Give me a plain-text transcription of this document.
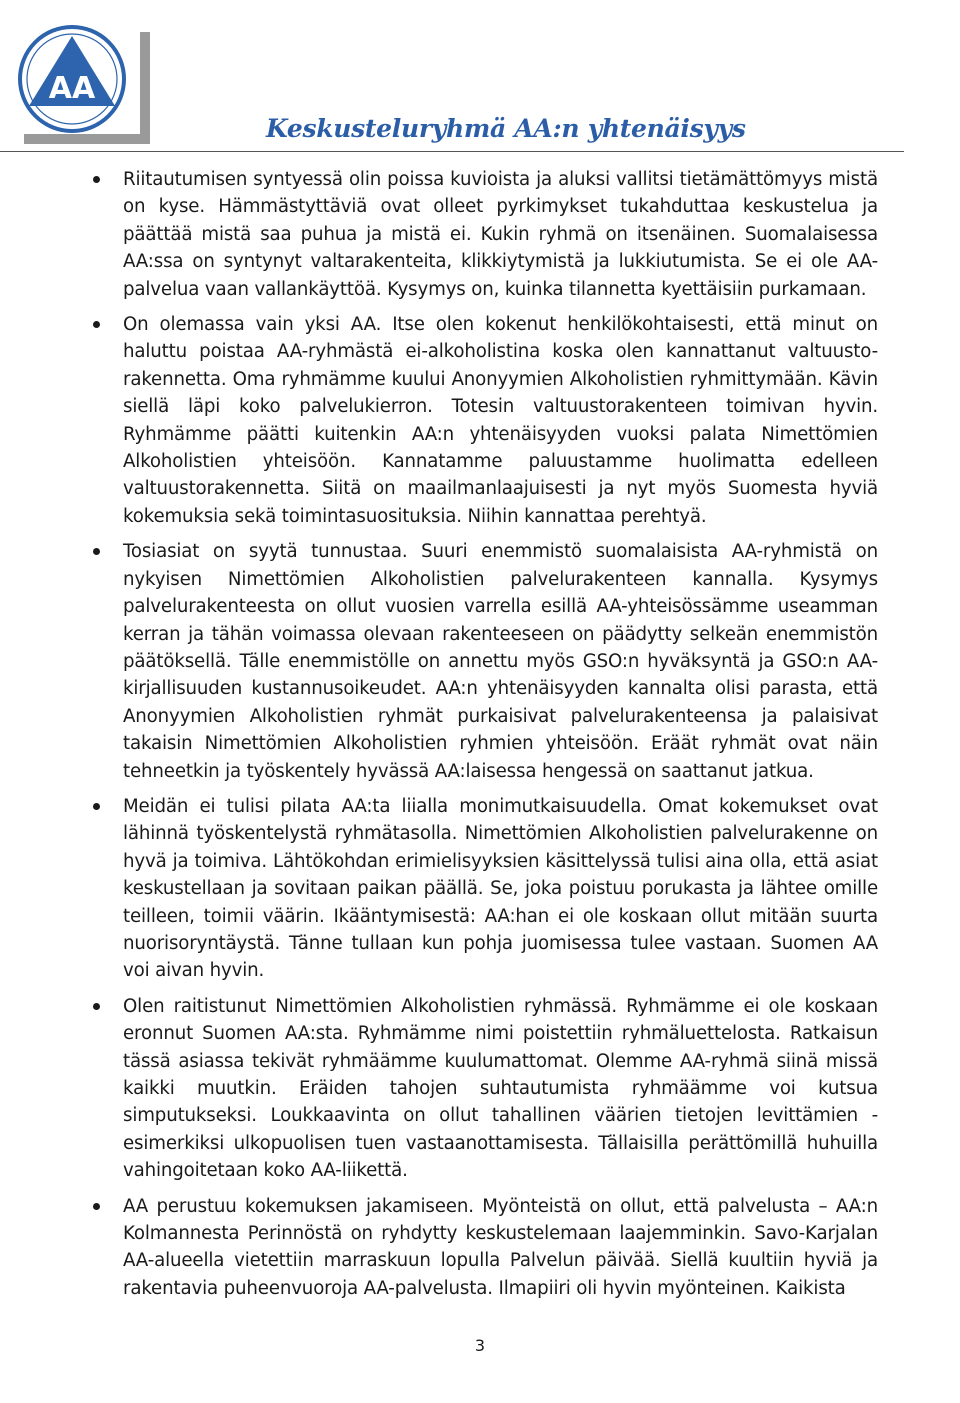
AA
Keskusteluryhmä AA:n yhtenäisyys
Riitautumisen syntyessä olin poissa kuvioista ja aluksi vallitsi tietämättömyys mistä on kyse. Hämmästyttäviä ovat olleet pyrkimykset tukahduttaa keskustelua ja päättää mistä saa puhua ja mistä ei. Kukin ryhmä on itsenäinen. Suomalaisessa AA:ssa on syntynyt valtarakenteita, klikkiytymistä ja lukkiutumista. Se ei ole AA-palvelua vaan vallankäyttöä. Kysymys on, kuinka tilannetta kyettäisiin purkamaan.
On olemassa vain yksi AA. Itse olen kokenut henkilökohtaisesti, että minut on haluttu poistaa AA-ryhmästä ei-alkoholistina koska olen kannattanut valtuusto-rakennetta. Oma ryhmämme kuului Anonyymien Alkoholistien ryhmittymään. Kävin siellä läpi koko palvelukierron. Totesin valtuustorakenteen toimivan hyvin. Ryhmämme päätti kuitenkin AA:n yhtenäisyyden vuoksi palata Nimettömien Alkoholistien yhteisöön. Kannatamme paluustamme huolimatta edelleen valtuustorakennetta. Siitä on maailmanlaajuisesti ja nyt myös Suomesta hyviä kokemuksia sekä toimintasuosituksia. Niihin kannattaa perehtyä.
Tosiasiat on syytä tunnustaa. Suuri enemmistö suomalaisista AA-ryhmistä on nykyisen Nimettömien Alkoholistien palvelurakenteen kannalla. Kysymys palvelurakenteesta on ollut vuosien varrella esillä AA-yhteisössämme useamman kerran ja tähän voimassa olevaan rakenteeseen on päädytty selkeän enemmistön päätöksellä. Tälle enemmistölle on annettu myös GSO:n hyväksyntä ja GSO:n AA-kirjallisuuden kustannusoikeudet. AA:n yhtenäisyyden kannalta olisi parasta, että Anonyymien Alkoholistien ryhmät purkaisivat palvelurakenteensa ja palaisivat takaisin Nimettömien Alkoholistien ryhmien yhteisöön. Eräät ryhmät ovat näin tehneetkin ja työskentely hyvässä AA:laisessa hengessä on saattanut jatkua.
Meidän ei tulisi pilata AA:ta liialla monimutkaisuudella. Omat kokemukset ovat lähinnä työskentelystä ryhmätasolla. Nimettömien Alkoholistien palvelurakenne on hyvä ja toimiva. Lähtökohdan erimielisyyksien käsittelyssä tulisi aina olla, että asiat keskustellaan ja sovitaan paikan päällä. Se, joka poistuu porukasta ja lähtee omille teilleen, toimii väärin. Ikääntymisestä: AA:han ei ole koskaan ollut mitään suurta nuorisoryntäystä. Tänne tullaan kun pohja juomisessa tulee vastaan. Suomen AA voi aivan hyvin.
Olen raitistunut Nimettömien Alkoholistien ryhmässä. Ryhmämme ei ole koskaan eronnut Suomen AA:sta. Ryhmämme nimi poistettiin ryhmäluettelosta. Ratkaisun tässä asiassa tekivät ryhmäämme kuulumattomat. Olemme AA-ryhmä siinä missä kaikki muutkin. Eräiden tahojen suhtautumista ryhmäämme voi kutsua simputukseksi. Loukkaavinta on ollut tahallinen väärien tietojen levittämien -esimerkiksi ulkopuolisen tuen vastaanottamisesta. Tällaisilla perättömillä huhuilla vahingoitetaan koko AA-liikettä.
AA perustuu kokemuksen jakamiseen. Myönteistä on ollut, että palvelusta – AA:n Kolmannesta Perinnöstä on ryhdytty keskustelemaan laajemminkin. Savo-Karjalan AA-alueella vietettiin marraskuun lopulla Palvelun päivää. Siellä kuultiin hyviä ja rakentavia puheenvuoroja AA-palvelusta. Ilmapiiri oli hyvin myönteinen. Kaikista
3
